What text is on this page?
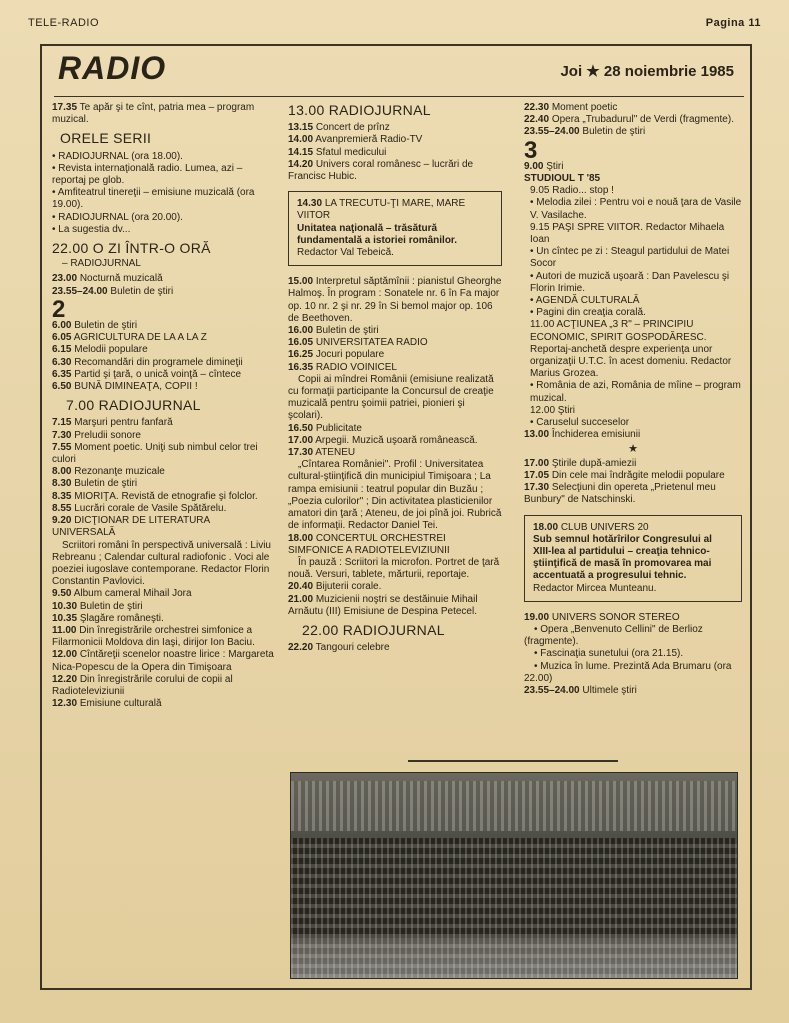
TELE-RADIO	Pagina 11
RADIO	Joi ★ 28 noiembrie 1985

17.35 Te apăr şi te cînt, patria mea – program muzical.

ORELE SERII

• RADIOJURNAL (ora 18.00).

• Revista internaţională radio. Lumea, azi – reportaj pe glob.

• Amfiteatrul tinereţii – emisiune muzicală (ora 19.00).

• RADIOJURNAL (ora 20.00).

• La sugestia dv...

22.00 O ZI ÎNTR-O ORĂ
– RADIOJURNAL

23.00 Nocturnă muzicală

23.55–24.00 Buletin de ştiri

2

6.00 Buletin de ştiri

6.05 AGRICULTURA DE LA A LA Z

6.15 Melodii populare

6.30 Recomandări din programele dimineţii

6.35 Partid şi ţară, o unică voinţă – cîntece

6.50 BUNĂ DIMINEAŢA, COPII !

7.00 RADIOJURNAL

7.15 Marşuri pentru fanfară

7.30 Preludii sonore

7.55 Moment poetic. Uniţi sub nimbul celor trei culori

8.00 Rezonanţe muzicale

8.30 Buletin de ştiri

8.35 MIORIŢA. Revistă de etnografie şi folclor.

8.55 Lucrări corale de Vasile Spătărelu.

9.20 DICŢIONAR DE LITERATURA UNIVERSALĂ

Scriitori români în perspectivă universală : Liviu Rebreanu ; Calendar cultural radiofonic . Voci ale poeziei iugoslave contemporane. Redactor Florin Constantin Pavlovici.

9.50 Album cameral Mihail Jora

10.30 Buletin de ştiri

10.35 Şlagăre româneşti.

11.00 Din înregistrările orchestrei simfonice a Filarmonicii Moldova din Iaşi, dirijor Ion Baciu.

12.00 Cîntăreţii scenelor noastre lirice : Margareta Nica-Popescu de la Opera din Timişoara

12.20 Din înregistrările corului de copii al Radioteleviziunii

12.30 Emisiune culturală

13.00 RADIOJURNAL

13.15 Concert de prînz

14.00 Avanpremieră Radio-TV

14.15 Sfatul medicului

14.20 Univers coral românesc – lucrări de Francisc Hubic.

14.30 LA TRECUTU-ŢI MARE, MARE VIITOR
Unitatea naţională – trăsătură fundamentală a istoriei românilor.
Redactor Val Tebeică.

15.00 Interpretul săptămînii : pianistul Gheorghe Halmoş. În program : Sonatele nr. 6 în Fa major op. 10 nr. 2 şi nr. 29 în Si bemol major op. 106 de Beethoven.

16.00 Buletin de ştiri

16.05 UNIVERSITATEA RADIO

16.25 Jocuri populare

16.35 RADIO VOINICEL

Copii ai mîndrei Românii (emisiune realizată cu formaţii participante la Concursul de creaţie muzicală pentru şoimii patriei, pionieri şi şcolari).

16.50 Publicitate

17.00 Arpegii. Muzică uşoară românească.

17.30 ATENEU

„Cîntarea României". Profil : Universitatea cultural-ştiinţifică din municipiul Timişoara ; La rampa emisiunii : teatrul popular din Buzău ; „Poezia culorilor" ; Din activitatea plasticienilor amatori din ţară ; Ateneu, de joi pînă joi. Rubrică de informaţii. Redactor Daniel Tei.

18.00 CONCERTUL ORCHESTREI SIMFONICE A RADIOTELEVIZIUNII

În pauză : Scriitori la microfon. Portret de ţară nouă. Versuri, tablete, mărturii, reportaje.

20.40 Bijuterii corale.

21.00 Muzicienii noştri se destăinuie Mihail Arnăutu (III) Emisiune de Despina Petecel.

22.00 RADIOJURNAL

22.20 Tangouri celebre

22.30 Moment poetic

22.40 Opera „Trubadurul" de Verdi (fragmente).

23.55–24.00 Buletin de ştiri

3

9.00 Ştiri

STUDIOUL T '85

9.05 Radio... stop !

• Melodia zilei : Pentru voi e nouă ţara de Vasile V. Vasilache.

9.15 PAŞI SPRE VIITOR. Redactor Mihaela Ioan

• Un cîntec pe zi : Steagul partidului de Matei Socor

• Autori de muzică uşoară : Dan Pavelescu şi Florin Irimie.

• AGENDĂ CULTURALĂ

• Pagini din creaţia corală.

11.00 ACŢIUNEA „3 R" – PRINCIPIU ECONOMIC, SPIRIT GOSPODĂRESC. Reportaj-anchetă despre experienţa unor organizaţii U.T.C. în acest domeniu. Redactor Marius Grozea.

• România de azi, România de mîine – program muzical.

12.00 Ştiri

• Caruselul succeselor

13.00 Închiderea emisiunii

★

17.00 Ştirile după-amiezii

17.05 Din cele mai îndrăgite melodii populare

17.30 Selecţiuni din opereta „Prietenul meu Bunbury" de Natschinski.

18.00 CLUB UNIVERS 20
Sub semnul hotărîrilor Congresului al XIII-lea al partidului – creaţia tehnico-ştiinţifică de masă în promovarea mai accentuată a progresului tehnic.
Redactor Mircea Munteanu.

19.00 UNIVERS SONOR STEREO

• Opera „Benvenuto Cellini" de Berlioz (fragmente).

• Fascinaţia sunetului (ora 21.15).

• Muzica în lume. Prezintă Ada Brumaru (ora 22.00)

23.55–24.00 Ultimele ştiri
